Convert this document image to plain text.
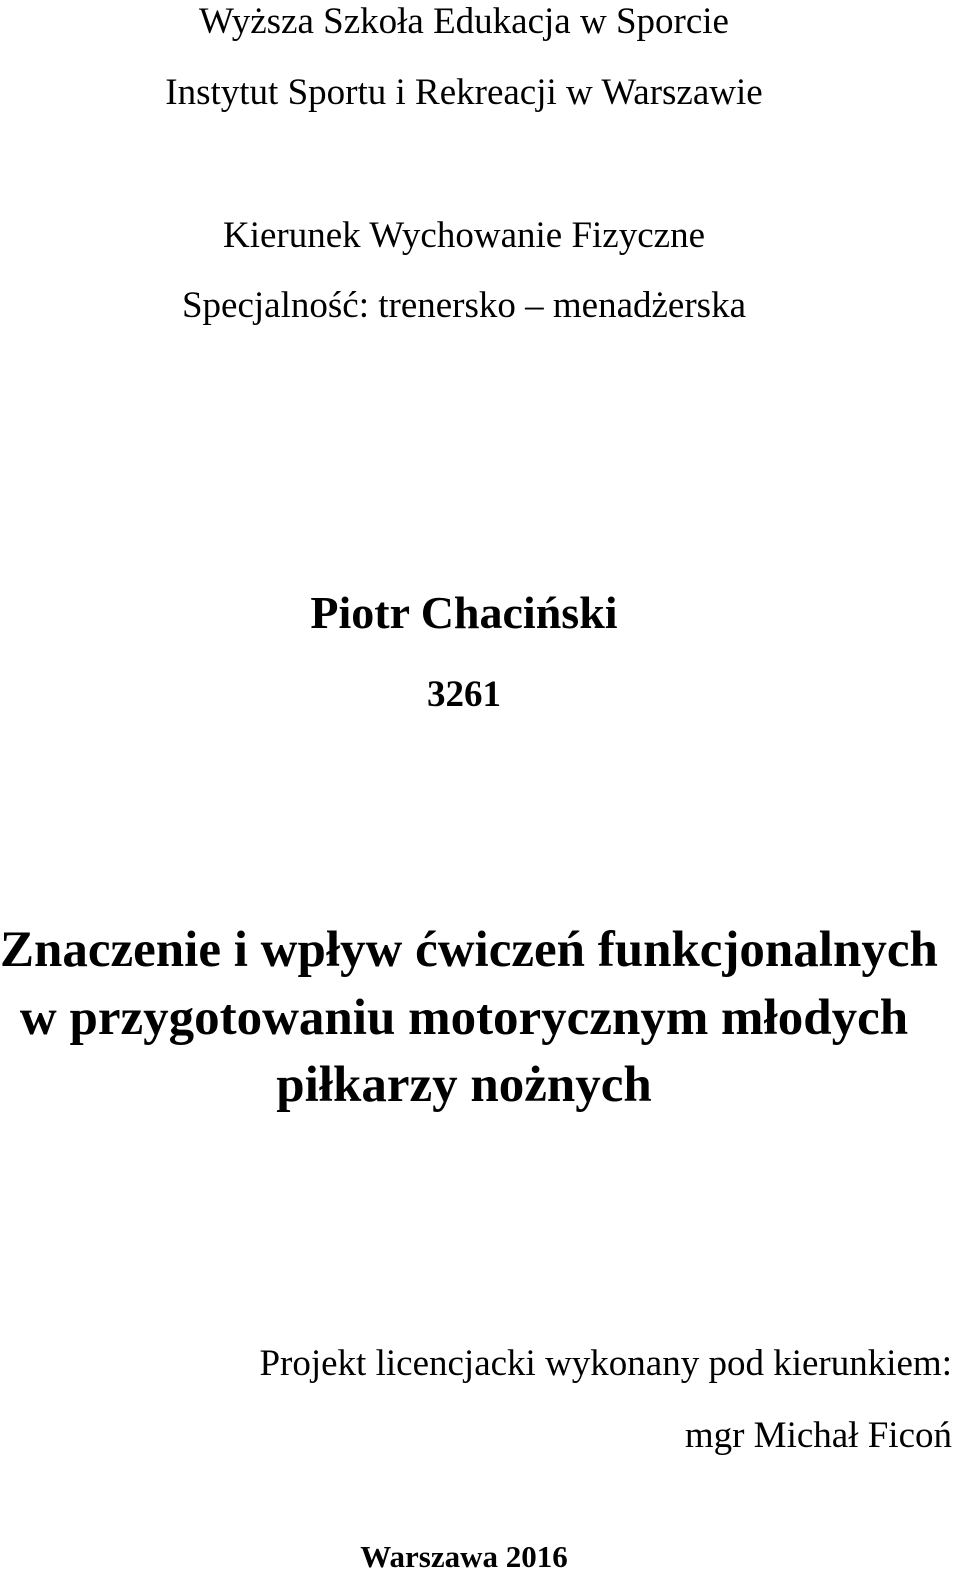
Wyższa Szkoła Edukacja w Sporcie
Instytut Sportu i Rekreacji w Warszawie
Kierunek Wychowanie Fizyczne
Specjalność: trenersko – menadżerska
Piotr Chaciński
3261
Znaczenie i wpływ ćwiczeń funkcjonalnych
w przygotowaniu motorycznym młodych
piłkarzy nożnych
Projekt licencjacki wykonany pod kierunkiem:
mgr Michał Ficoń
Warszawa 2016
